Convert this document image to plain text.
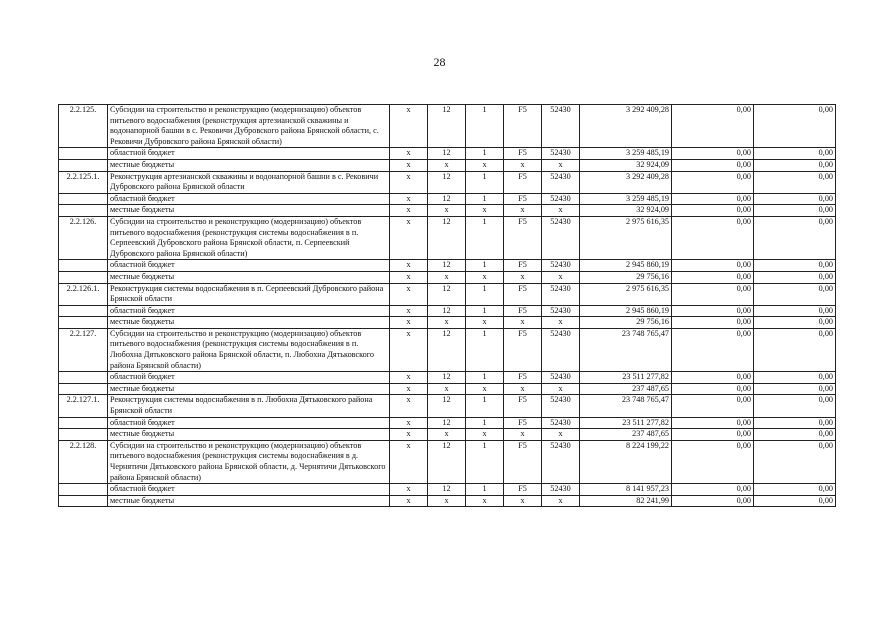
28
2.2.125.	Субсидии на строительство и реконструкцию (модернизацию) объектов питьевого водоснабжения (реконструкция артезианской скважины и водонапорной башни в с. Рековичи Дубровского района Брянской области, с. Рековичи Дубровского района Брянской области)	х	12	1	F5	52430	3 292 409,28	0,00	0,00
	областной бюджет	х	12	1	F5	52430	3 259 485,19	0,00	0,00
	местные бюджеты	х	х	х	х	х	32 924,09	0,00	0,00
2.2.125.1.	Реконструкция артезианской скважины и водонапорной башни в с. Рековичи Дубровского района Брянской области	х	12	1	F5	52430	3 292 409,28	0,00	0,00
	областной бюджет	х	12	1	F5	52430	3 259 485,19	0,00	0,00
	местные бюджеты	х	х	х	х	х	32 924,09	0,00	0,00
2.2.126.	Субсидии на строительство и реконструкцию (модернизацию) объектов питьевого водоснабжения (реконструкция системы водоснабжения в п. Серпеевский Дубровского района Брянской области, п. Серпеевский Дубровского района Брянской области)	х	12	1	F5	52430	2 975 616,35	0,00	0,00
	областной бюджет	х	12	1	F5	52430	2 945 860,19	0,00	0,00
	местные бюджеты	х	х	х	х	х	29 756,16	0,00	0,00
2.2.126.1.	Реконструкция системы водоснабжения в п. Серпеевский Дубровского района Брянской области	х	12	1	F5	52430	2 975 616,35	0,00	0,00
	областной бюджет	х	12	1	F5	52430	2 945 860,19	0,00	0,00
	местные бюджеты	х	х	х	х	х	29 756,16	0,00	0,00
2.2.127.	Субсидии на строительство и реконструкцию (модернизацию) объектов питьевого водоснабжения (реконструкция системы водоснабжения в п. Любохна Дятьковского района Брянской области, п. Любохна Дятьковского района Брянской области)	х	12	1	F5	52430	23 748 765,47	0,00	0,00
	областной бюджет	х	12	1	F5	52430	23 511 277,82	0,00	0,00
	местные бюджеты	х	х	х	х	х	237 487,65	0,00	0,00
2.2.127.1.	Реконструкция системы водоснабжения в п. Любохна Дятьковского района Брянской области	х	12	1	F5	52430	23 748 765,47	0,00	0,00
	областной бюджет	х	12	1	F5	52430	23 511 277,82	0,00	0,00
	местные бюджеты	х	х	х	х	х	237 487,65	0,00	0,00
2.2.128.	Субсидии на строительство и реконструкцию (модернизацию) объектов питьевого водоснабжения (реконструкция системы водоснабжения в д. Чернятичи Дятьковского района Брянской области, д. Чернятичи Дятьковского района Брянской области)	х	12	1	F5	52430	8 224 199,22	0,00	0,00
	областной бюджет	х	12	1	F5	52430	8 141 957,23	0,00	0,00
	местные бюджеты	х	х	х	х	х	82 241,99	0,00	0,00
